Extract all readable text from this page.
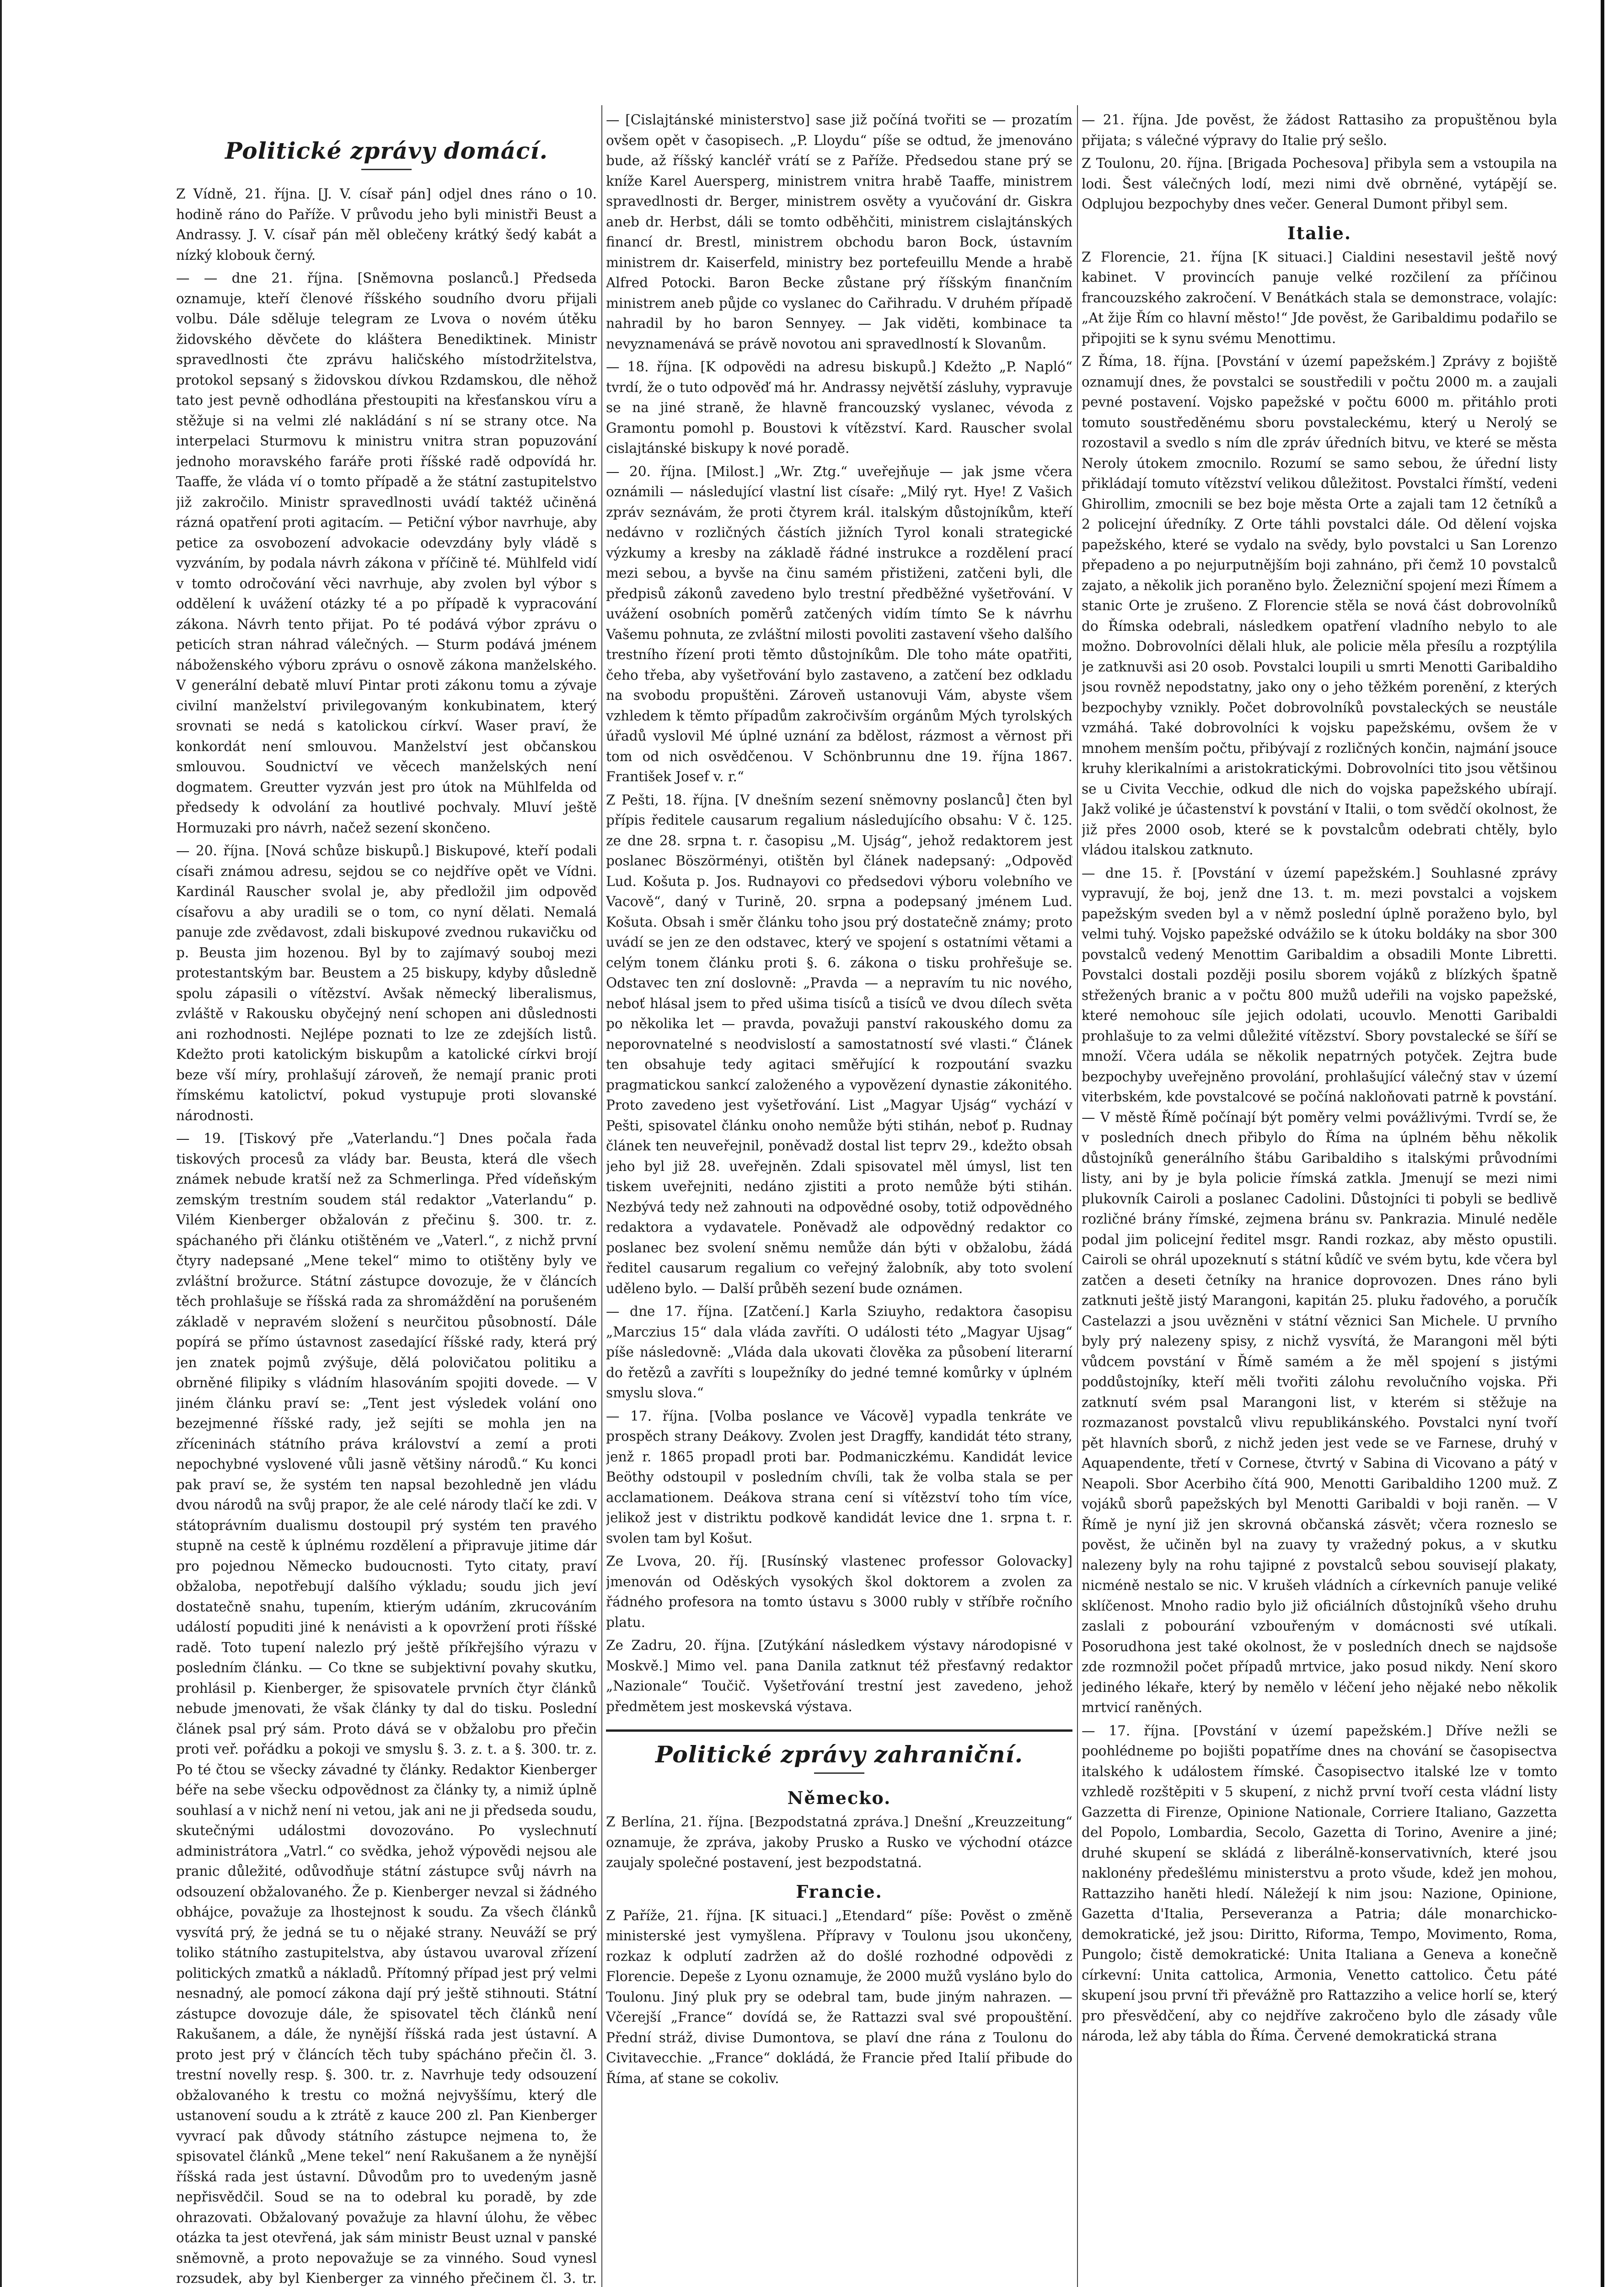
Politické zprávy domácí.

Z Vídně, 21. října. [J. V. císař pán] odjel dnes ráno o 10. hodině ráno do Paříže. V průvodu jeho byli ministři Beust a Andrassy. J. V. císař pán měl oblečeny krátký šedý kabát a nízký klobouk černý.

— — dne 21. října. [Sněmovna poslanců.] Předseda oznamuje, kteří členové říšského soudního dvoru přijali volbu. Dále sděluje telegram ze Lvova o novém útěku židovského děvčete do kláštera Benediktinek. Ministr spravedlnosti čte zprávu haličského místodržitelstva, protokol sepsaný s židovskou dívkou Rzdamskou, dle něhož tato jest pevně odhodlána přestoupiti na křesťanskou víru a stěžuje si na velmi zlé nakládání s ní se strany otce. Na interpelaci Sturmovu k ministru vnitra stran popuzování jednoho moravského faráře proti říšské radě odpovídá hr. Taaffe, že vláda ví o tomto případě a že státní zastupitelstvo již zakročilo. Ministr spravedlnosti uvádí taktéž učiněná rázná opatření proti agitacím. — Petiční výbor navrhuje, aby petice za osvobození advokacie odevzdány byly vládě s vyzváním, by podala návrh zákona v příčině té. Mühlfeld vidí v tomto odročování věci navrhuje, aby zvolen byl výbor s oddělení k uvážení otázky té a po případě k vypracování zákona. Návrh tento přijat. Po té podává výbor zprávu o peticích stran náhrad válečných. — Sturm podává jménem náboženského výboru zprávu o osnově zákona manželského. V generální debatě mluví Pintar proti zákonu tomu a zývaje civilní manželství privilegovaným konkubinatem, který srovnati se nedá s katolickou církví. Waser praví, že konkordát není smlouvou. Manželství jest občanskou smlouvou. Soudnictví ve věcech manželských není dogmatem. Greutter vyzván jest pro útok na Mühlfelda od předsedy k odvolání za houtlivé pochvaly. Mluví ještě Hormuzaki pro návrh, načež sezení skončeno.

— 20. října. [Nová schůze biskupů.] Biskupové, kteří podali císaři známou adresu, sejdou se co nejdříve opět ve Vídni. Kardinál Rauscher svolal je, aby předložil jim odpověď císařovu a aby uradili se o tom, co nyní dělati. Nemalá panuje zde zvědavost, zdali biskupové zvednou rukavičku od p. Beusta jim hozenou. Byl by to zajímavý souboj mezi protestantským bar. Beustem a 25 biskupy, kdyby důsledně spolu zápasili o vítězství. Avšak německý liberalismus, zvláště v Rakousku obyčejný není schopen ani důslednosti ani rozhodnosti. Nejlépe poznati to lze ze zdejších listů. Kdežto proti katolickým biskupům a katolické církvi brojí beze vší míry, prohlašují zároveň, že nemají pranic proti římskému katolictví, pokud vystupuje proti slovanské národnosti.

— 19. [Tiskový pře „Vaterlandu.“] Dnes počala řada tiskových procesů za vlády bar. Beusta, která dle všech známek nebude kratší než za Schmerlinga. Před vídeňským zemským trestním soudem stál redaktor „Vaterlandu“ p. Vilém Kienberger obžalován z přečinu §. 300. tr. z. spáchaného při článku otištěném ve „Vaterl.“, z nichž první čtyry nadepsané „Mene tekel“ mimo to otištěny byly ve zvláštní brožurce. Státní zástupce dovozuje, že v článcích těch prohlašuje se říšská rada za shromáždění na porušeném základě v nepravém složení s neurčitou působností. Dále popírá se přímo ústavnost zasedající říšské rady, která prý jen znatek pojmů zvýšuje, dělá polovičatou politiku a obrněné filipiky s vládním hlasováním spojiti dovede. — V jiném článku praví se: „Tent jest výsledek volání ono bezejmenné říšské rady, jež sejíti se mohla jen na zříceninách státního práva království a zemí a proti nepochybné vyslovené vůli jasně většiny národů.“ Ku konci pak praví se, že systém ten napsal bezohledně jen vládu dvou národů na svůj prapor, že ale celé národy tlačí ke zdi. V státoprávním dualismu dostoupil prý systém ten pravého stupně na cestě k úplnému rozdělení a připravuje jitime dár pro pojednou Německo budoucnosti. Tyto citaty, praví obžaloba, nepotřebují dalšího výkladu; soudu jich jeví dostatečně snahu, tupením, ktierým udáním, zkrucováním událostí popuditi jiné k nenávisti a k opovržení proti říšské radě. Toto tupení nalezlo prý ještě příkřejšího výrazu v posledním článku. — Co tkne se subjektivní povahy skutku, prohlásil p. Kienberger, že spisovatele prvních čtyr článků nebude jmenovati, že však články ty dal do tisku. Poslední článek psal prý sám. Proto dává se v obžalobu pro přečin proti veř. pořádku a pokoji ve smyslu §. 3. z. t. a §. 300. tr. z. Po té čtou se všecky závadné ty články. Redaktor Kienberger béře na sebe všecku odpovědnost za články ty, a nimiž úplně souhlasí a v nichž není ni vetou, jak ani ne ji předseda soudu, skutečnými událostmi dovozováno. Po vyslechnutí administrátora „Vatrl.“ co svědka, jehož výpovědi nejsou ale pranic důležité, odůvodňuje státní zástupce svůj návrh na odsouzení obžalovaného. Že p. Kienberger nevzal si žádného obhájce, považuje za lhostejnost k soudu. Za všech článků vysvítá prý, že jedná se tu o nějaké strany. Neuváží se prý toliko státního zastupitelstva, aby ústavou uvaroval zřízení politických zmatků a nákladů. Přítomný případ jest prý velmi nesnadný, ale pomocí zákona dají prý ještě stihnouti. Státní zástupce dovozuje dále, že spisovatel těch článků není Rakušanem, a dále, že nynější říšská rada jest ústavní. A proto jest prý v článcích těch tuby spácháno přečin čl. 3. trestní novelly resp. §. 300. tr. z. Navrhuje tedy odsouzení obžalovaného k trestu co možná nejvyššímu, který dle ustanovení soudu a k ztrátě z kauce 200 zl. Pan Kienberger vyvrací pak důvody státního zástupce nejmena to, že spisovatel článků „Mene tekel“ není Rakušanem a že nynější říšská rada jest ústavní. Důvodům pro to uvedeným jasně nepřisvědčil. Soud se na to odebral ku poradě, by zde ohrazovati. Obžalovaný považuje za hlavní úlohu, že věbec otázka ta jest otevřená, jak sám ministr Beust uznal v panské sněmovně, a proto nepovažuje se za vinného. Soud vynesl rozsudek, aby byl Kienberger za vinného přečinem čl. 3. tr.

— [Cislajtánské ministerstvo] sase již počíná tvořiti se — prozatím ovšem opět v časopisech. „P. Lloydu“ píše se odtud, že jmenováno bude, až říšský kancléř vrátí se z Paříže. Předsedou stane prý se kníže Karel Auersperg, ministrem vnitra hrabě Taaffe, ministrem spravedlnosti dr. Berger, ministrem osvěty a vyučování dr. Giskra aneb dr. Herbst, dáli se tomto odběhčiti, ministrem cislajtánských financí dr. Brestl, ministrem obchodu baron Bock, ústavním ministrem dr. Kaiserfeld, ministry bez portefeuillu Mende a hrabě Alfred Potocki. Baron Becke zůstane prý říšským finančním ministrem aneb půjde co vyslanec do Cařihradu. V druhém případě nahradil by ho baron Sennyey. — Jak viděti, kombinace ta nevyznamenává se právě novotou ani spravedlností k Slovanům.

— 18. října. [K odpovědi na adresu biskupů.] Kdežto „P. Napló“ tvrdí, že o tuto odpověď má hr. Andrassy největší zásluhy, vypravuje se na jiné straně, že hlavně francouzský vyslanec, vévoda z Gramontu pomohl p. Boustovi k vítězství. Kard. Rauscher svolal cislajtánské biskupy k nové poradě.

— 20. října. [Milost.] „Wr. Ztg.“ uveřejňuje — jak jsme včera oznámili — následující vlastní list císaře: „Milý ryt. Hye! Z Vašich zpráv seznávám, že proti čtyrem král. italským důstojníkům, kteří nedávno v rozličných částích jižních Tyrol konali strategické výzkumy a kresby na základě řádné instrukce a rozdělení prací mezi sebou, a byvše na činu samém přistiženi, zatčeni byli, dle předpisů zákonů zavedeno bylo trestní předběžné vyšetřování. V uvážení osobních poměrů zatčených vidím tímto Se k návrhu Vašemu pohnuta, ze zvláštní milosti povoliti zastavení všeho dalšího trestního řízení proti těmto důstojníkům. Dle toho máte opatřiti, čeho třeba, aby vyšetřování bylo zastaveno, a zatčení bez odkladu na svobodu propuštěni. Zároveň ustanovuji Vám, abyste všem vzhledem k těmto případům zakročivším orgánům Mých tyrolských úřadů vyslovil Mé úplné uznání za bdělost, rázmost a věrnost při tom od nich osvědčenou. V Schönbrunnu dne 19. října 1867. František Josef v. r.“

Z Pešti, 18. října. [V dnešním sezení sněmovny poslanců] čten byl přípis ředitele causarum regalium následujícího obsahu: V č. 125. ze dne 28. srpna t. r. časopisu „M. Ujság“, jehož redaktorem jest poslanec Böszörményi, otištěn byl článek nadepsaný: „Odpověď Lud. Košuta p. Jos. Rudnayovi co předsedovi výboru volebního ve Vacově“, daný v Turině, 20. srpna a podepsaný jménem Lud. Košuta. Obsah i směr článku toho jsou prý dostatečně známy; proto uvádí se jen ze den odstavec, který ve spojení s ostatními větami a celým tonem článku proti §. 6. zákona o tisku prohřešuje se. Odstavec ten zní doslovně: „Pravda — a nepravím tu nic nového, neboť hlásal jsem to před ušima tisíců a tisíců ve dvou dílech světa po několika let — pravda, považuji panství rakouského domu za neporovnatelné s neodvislostí a samostatností své vlasti.“ Článek ten obsahuje tedy agitaci směřující k rozpoutání svazku pragmatickou sankcí založeného a vypovězení dynastie zákonitého. Proto zavedeno jest vyšetřování. List „Magyar Ujság“ vychází v Pešti, spisovatel článku onoho nemůže býti stihán, neboť p. Rudnay článek ten neuveřejnil, poněvadž dostal list teprv 29., kdežto obsah jeho byl již 28. uveřejněn. Zdali spisovatel měl úmysl, list ten tiskem uveřejniti, nedáno zjistiti a proto nemůže býti stihán. Nezbývá tedy než zahnouti na odpovědné osoby, totiž odpovědného redaktora a vydavatele. Poněvadž ale odpovědný redaktor co poslanec bez svolení sněmu nemůže dán býti v obžalobu, žádá ředitel causarum regalium co veřejný žalobník, aby toto svolení uděleno bylo. — Další průběh sezení bude oznámen.

— dne 17. října. [Zatčení.] Karla Sziuyho, redaktora časopisu „Marczius 15“ dala vláda zavříti. O události této „Magyar Ujsag“ píše následovně: „Vláda dala ukovati člověka za působení literarní do řetězů a zavříti s loupežníky do jedné temné komůrky v úplném smyslu slova.“

— 17. října. [Volba poslance ve Vácově] vypadla tenkráte ve prospěch strany Deákovy. Zvolen jest Dragffy, kandidát této strany, jenž r. 1865 propadl proti bar. Podmaniczkému. Kandidát levice Beöthy odstoupil v posledním chvíli, tak že volba stala se per acclamationem. Deákova strana cení si vítězství toho tím více, jelikož jest v distriktu podkově kandidát levice dne 1. srpna t. r. svolen tam byl Košut.

Ze Lvova, 20. říj. [Rusínský vlastenec professor Golovacky] jmenován od Oděských vysokých škol doktorem a zvolen za řádného profesora na tomto ústavu s 3000 rubly v stříbře ročního platu.

Ze Zadru, 20. října. [Zutýkání následkem výstavy národopisné v Moskvě.] Mimo vel. pana Danila zatknut též přesťavný redaktor „Nazionale“ Toučič. Vyšetřování trestní jest zavedeno, jehož předmětem jest moskevská výstava.

Politické zprávy zahraniční.
Německo.

Z Berlína, 21. října. [Bezpodstatná zpráva.] Dnešní „Kreuzzeitung“ oznamuje, že zpráva, jakoby Prusko a Rusko ve východní otázce zaujaly společné postavení, jest bezpodstatná.

Francie.

Z Paříže, 21. října. [K situaci.] „Etendard“ píše: Pověst o změně ministerské jest vymyšlena. Přípravy v Toulonu jsou ukončeny, rozkaz k odplutí zadržen až do došlé rozhodné odpovědi z Florencie. Depeše z Lyonu oznamuje, že 2000 mužů vysláno bylo do Toulonu. Jiný pluk pry se odebral tam, bude jiným nahrazen. — Včerejší „France“ dovídá se, že Rattazzi sval své propouštění. Přední stráž, divise Dumontova, se plaví dne rána z Toulonu do Civitavecchie. „France“ dokládá, že Francie před Italií přibude do Říma, ať stane se cokoliv.

— 21. října. Jde pověst, že žádost Rattasiho za propuštěnou byla přijata; s válečné výpravy do Italie prý sešlo.

Z Toulonu, 20. října. [Brigada Pochesova] přibyla sem a vstoupila na lodi. Šest válečných lodí, mezi nimi dvě obrněné, vytápějí se. Odplujou bezpochyby dnes večer. General Dumont přibyl sem.

Italie.

Z Florencie, 21. října [K situaci.] Cialdini nesestavil ještě nový kabinet. V provincích panuje velké rozčilení za příčinou francouzského zakročení. V Benátkách stala se demonstrace, volajíc: „At žije Řím co hlavní město!“ Jde pověst, že Garibaldimu podařilo se připojiti se k synu svému Menottimu.

Z Říma, 18. října. [Povstání v území papežském.] Zprávy z bojiště oznamují dnes, že povstalci se soustředili v počtu 2000 m. a zaujali pevné postavení. Vojsko papežské v počtu 6000 m. přitáhlo proti tomuto soustředěnému sboru povstaleckému, který u Nerolý se rozostavil a svedlo s ním dle zpráv úředních bitvu, ve které se města Neroly útokem zmocnilo. Rozumí se samo sebou, že úřední listy přikládají tomuto vítězství velikou důležitost. Povstalci římští, vedeni Ghirollim, zmocnili se bez boje města Orte a zajali tam 12 četníků a 2 policejní úředníky. Z Orte táhli povstalci dále. Od dělení vojska papežského, které se vydalo na svědy, bylo povstalci u San Lorenzo přepadeno a po nejurputnějším boji zahnáno, při čemž 10 povstalců zajato, a několik jich poraněno bylo. Železniční spojení mezi Římem a stanic Orte je zrušeno. Z Florencie stěla se nová část dobrovolníků do Římska odebrali, následkem opatření vladního nebylo to ale možno. Dobrovolníci dělali hluk, ale policie měla přesílu a rozptýlila je zatknuvši asi 20 osob. Povstalci loupili u smrti Menotti Garibaldiho jsou rovněž nepodstatny, jako ony o jeho těžkém porenění, z kterých bezpochyby vznikly. Počet dobrovolníků povstaleckých se neustále vzmáhá. Také dobrovolníci k vojsku papežskému, ovšem že v mnohem menším počtu, přibývají z rozličných končin, najmání jsouce kruhy klerikalními a aristokratickými. Dobrovolníci tito jsou většinou se u Civita Vecchie, odkud dle nich do vojska papežského ubírají. Jakž voliké je účastenství k povstání v Italii, o tom svědčí okolnost, že již přes 2000 osob, které se k povstalcům odebrati chtěly, bylo vládou italskou zatknuto.

— dne 15. ř. [Povstání v území papežském.] Souhlasné zprávy vypravují, že boj, jenž dne 13. t. m. mezi povstalci a vojskem papežským sveden byl a v němž poslední úplně poraženo bylo, byl velmi tuhý. Vojsko papežské odvážilo se k útoku boldáky na sbor 300 povstalců vedený Menottim Garibaldim a obsadili Monte Libretti. Povstalci dostali později posilu sborem vojáků z blízkých špatně střežených branic a v počtu 800 mužů udeřili na vojsko papežské, které nemohouc síle jejich odolati, ucouvlo. Menotti Garibaldi prohlašuje to za velmi důležité vítězství. Sbory povstalecké se šíří se množí. Včera udála se několik nepatrných potyček. Zejtra bude bezpochyby uveřejněno provolání, prohlašující válečný stav v území viterbském, kde povstalcové se počíná nakloňovati patrně k povstání. — V městě Římě počínají být poměry velmi povážlivými. Tvrdí se, že v posledních dnech přibylo do Říma na úplném běhu několik důstojníků generálního štábu Garibaldiho s italskými průvodními listy, ani by je byla policie římská zatkla. Jmenují se mezi nimi plukovník Cairoli a poslanec Cadolini. Důstojníci ti pobyli se bedlivě rozličné brány římské, zejmena bránu sv. Pankrazia. Minulé neděle podal jim policejní ředitel msgr. Randi rozkaz, aby město opustili. Cairoli se ohrál upozeknutí s státní kůdíč ve svém bytu, kde včera byl zatčen a deseti četníky na hranice doprovozen. Dnes ráno byli zatknuti ještě jistý Marangoni, kapitán 25. pluku řadového, a poručík Castelazzi a jsou uvězněni v státní věznici San Michele. U prvního byly prý nalezeny spisy, z nichž vysvítá, že Marangoni měl býti vůdcem povstání v Římě samém a že měl spojení s jistými poddůstojníky, kteří měli tvořiti zálohu revolučního vojska. Při zatknutí svém psal Marangoni list, v kterém si stěžuje na rozmazanost povstalců vlivu republikánského. Povstalci nyní tvoří pět hlavních sborů, z nichž jeden jest vede se ve Farnese, druhý v Aquapendente, třetí v Cornese, čtvrtý v Sabina di Vicovano a pátý v Neapoli. Sbor Acerbiho čítá 900, Menotti Garibaldiho 1200 muž. Z vojáků sborů papežských byl Menotti Garibaldi v boji raněn. — V Římě je nyní již jen skrovná občanská zásvět; včera rozneslo se pověst, že učiněn byl na zuavy ty vražedný pokus, a v skutku nalezeny byly na rohu tajipné z povstalců sebou souvisejí plakaty, nicméně nestalo se nic. V krušeh vládních a církevních panuje veliké sklíčenost. Mnoho radio bylo již oficiálních důstojníků všeho druhu zaslali z pobourání vzbouřeným v domácnosti své utíkali. Posorudhona jest také okolnost, že v posledních dnech se najdsoše zde rozmnožil počet případů mrtvice, jako posud nikdy. Není skoro jediného lékaře, který by nemělo v léčení jeho nějaké nebo několik mrtvicí raněných.

— 17. října. [Povstání v území papežském.] Dříve nežli se poohlédneme po bojišti popatříme dnes na chování se časopisectva italského k událostem římské. Časopisectvo italské lze v tomto vzhledě rozštěpiti v 5 skupení, z nichž první tvoří cesta vládní listy Gazzetta di Firenze, Opinione Nationale, Corriere Italiano, Gazzetta del Popolo, Lombardia, Secolo, Gazetta di Torino, Avenire a jiné; druhé skupení se skládá z liberálně-konservativních, které jsou naklonény předešlému ministerstvu a proto všude, kdež jen mohou, Rattazziho haněti hledí. Náležejí k nim jsou: Nazione, Opinione, Gazetta d'Italia, Perseveranza a Patria; dále monarchicko-demokratické, jež jsou: Diritto, Riforma, Tempo, Movimento, Roma, Pungolo; čistě demokratické: Unita Italiana a Geneva a konečně církevní: Unita cattolica, Armonia, Venetto cattolico. Četu páté skupení jsou první tři převážně pro Rattazziho a velice horlí se, který pro přesvědčení, aby co nejdříve zakročeno bylo dle zásady vůle národa, lež aby tábla do Říma. Červené demokratická strana
